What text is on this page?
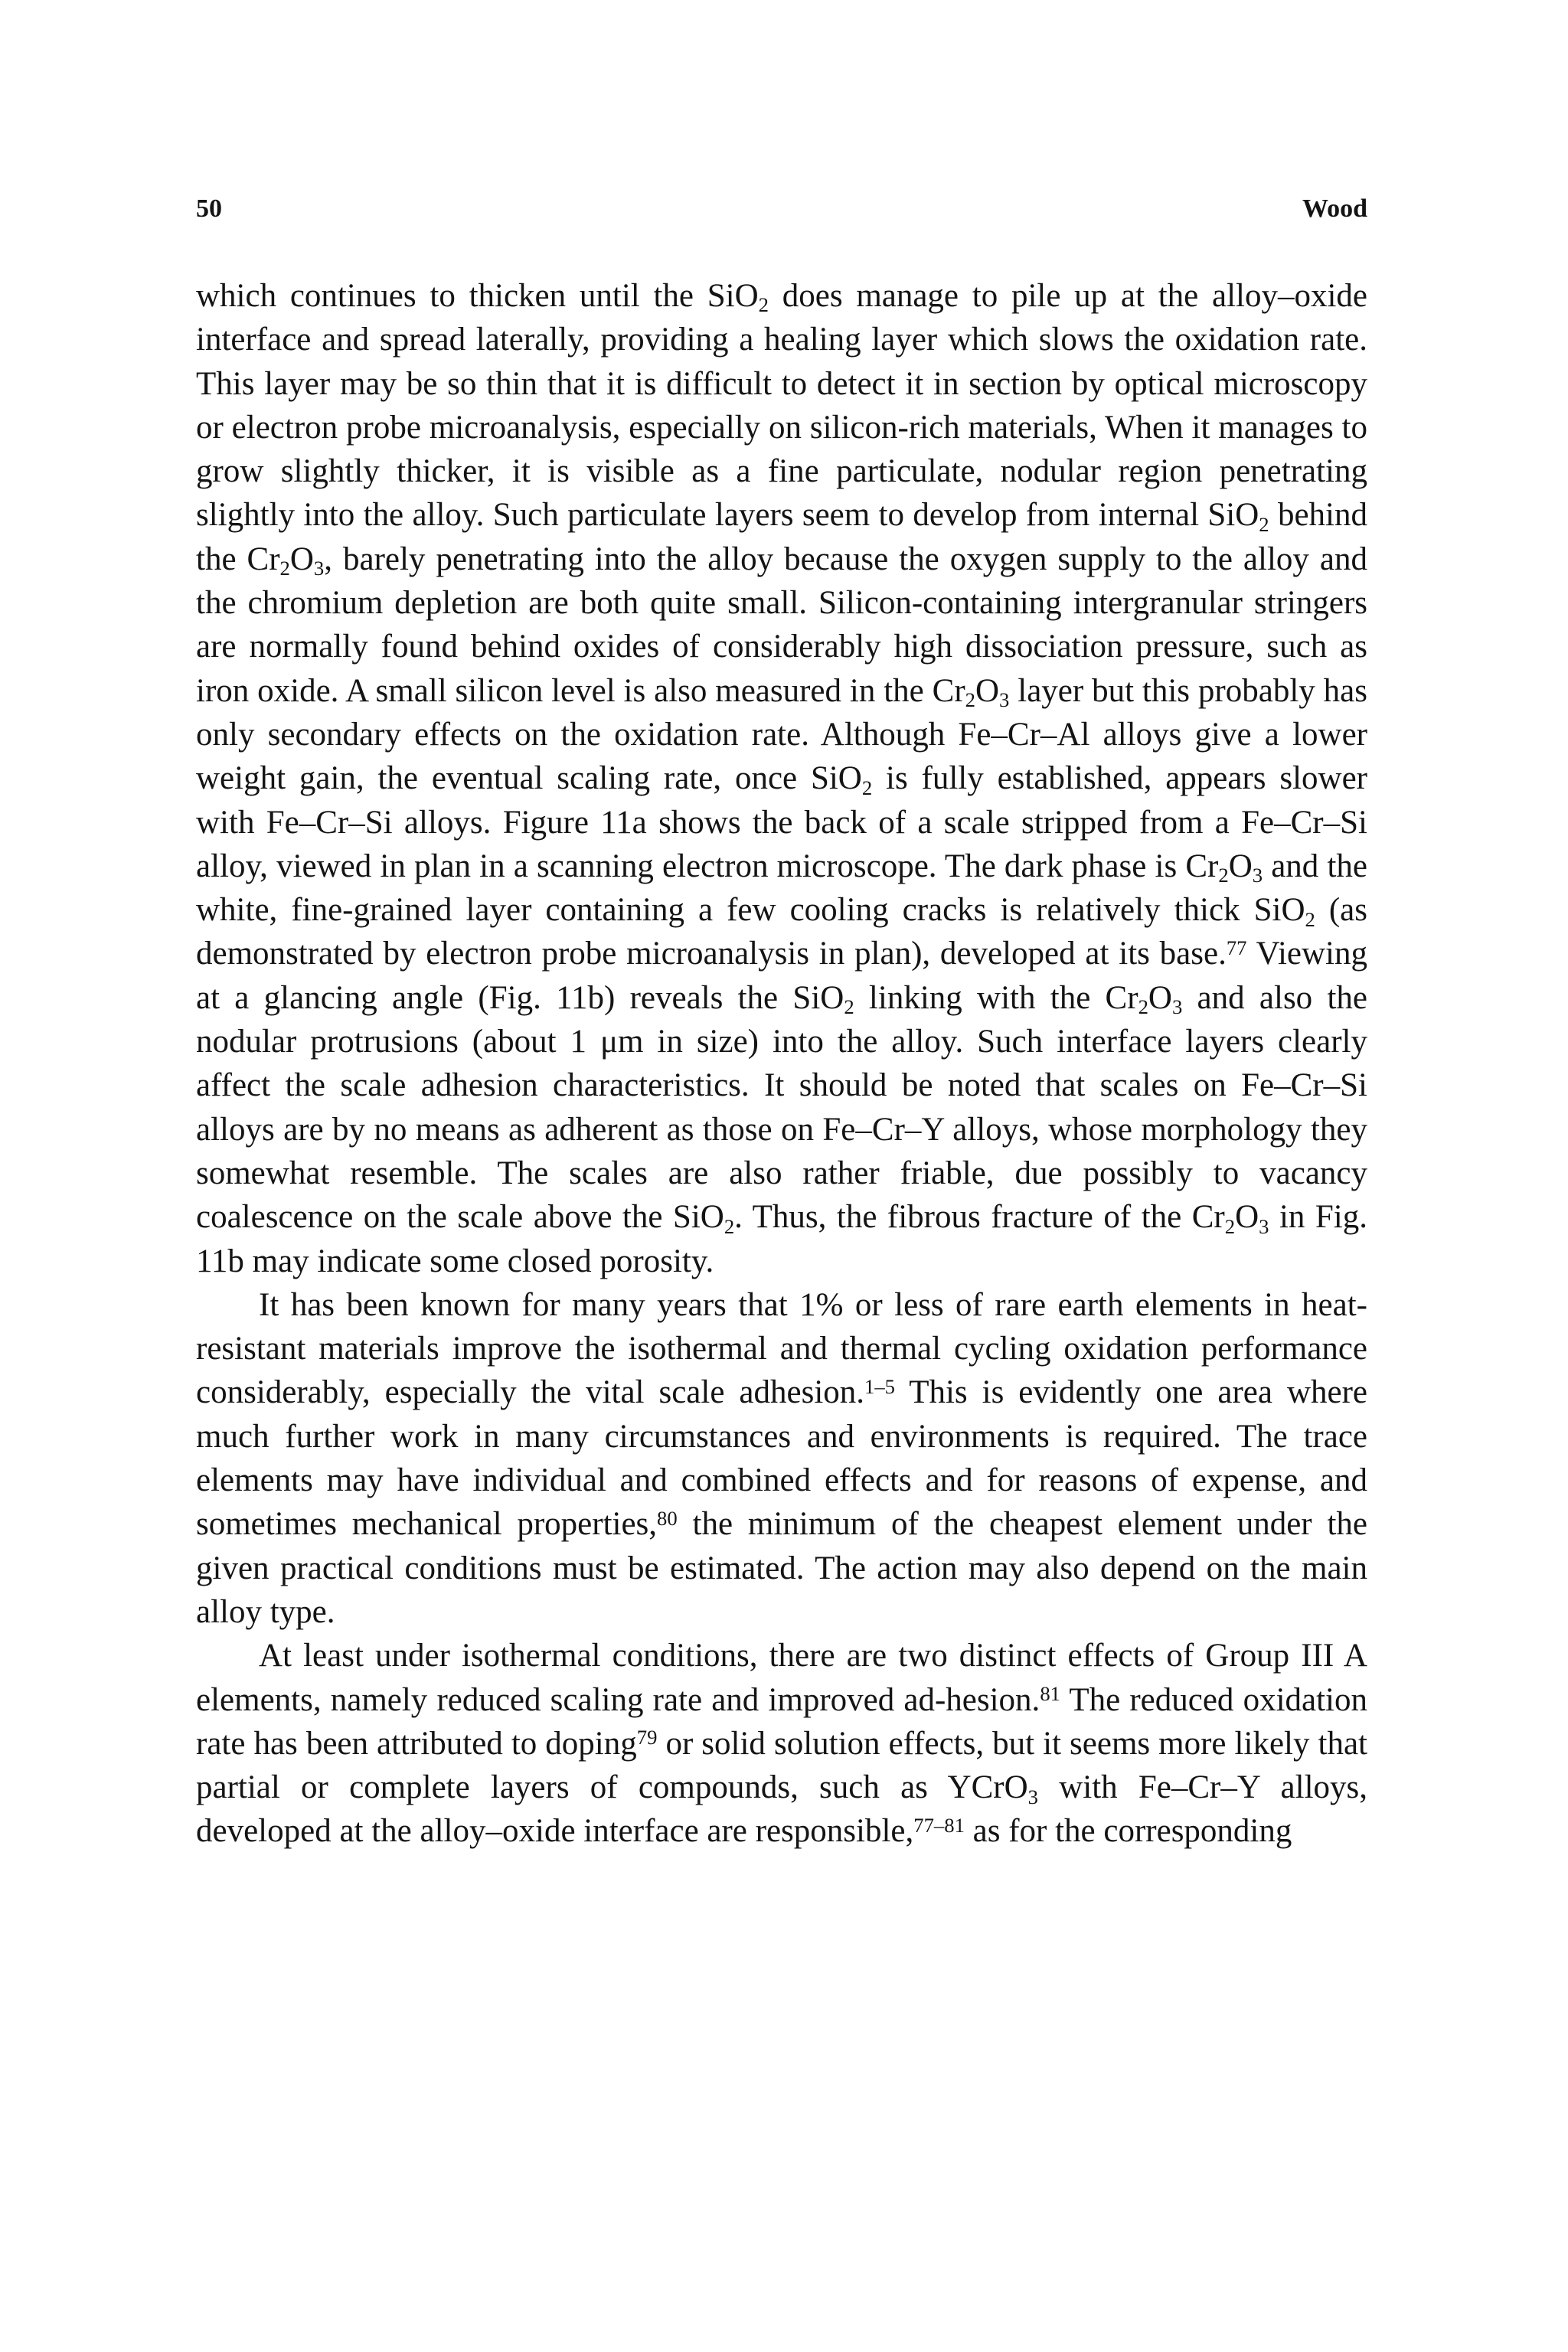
50	Wood

which continues to thicken until the SiO$_2$ does manage to pile up at the alloy–oxide interface and spread laterally, providing a healing layer which slows the oxidation rate. This layer may be so thin that it is difficult to detect it in section by optical microscopy or electron probe microanalysis, especially on silicon-rich materials, When it manages to grow slightly thicker, it is visible as a fine particulate, nodular region penetrating slightly into the alloy. Such particulate layers seem to develop from internal SiO$_2$ behind the $Cr_2O_3$, barely penetrating into the alloy because the oxygen supply to the alloy and the chromium depletion are both quite small. Silicon-containing intergranular stringers are normally found behind oxides of considerably high dissociation pressure, such as iron oxide. A small silicon level is also measured in the $Cr_2O_3$ layer but this probably has only secondary effects on the oxidation rate. Although Fe–Cr–Al alloys give a lower weight gain, the eventual scaling rate, once SiO$_2$ is fully established, appears slower with Fe–Cr–Si alloys. Figure 11a shows the back of a scale stripped from a Fe–Cr–Si alloy, viewed in plan in a scanning electron microscope. The dark phase is $Cr_2O_3$ and the white, fine-grained layer containing a few cooling cracks is relatively thick SiO$_2$ (as demonstrated by electron probe microanalysis in plan), developed at its base.$^{77}$ Viewing at a glancing angle (Fig. 11b) reveals the SiO$_2$ linking with the $Cr_2O_3$ and also the nodular protrusions (about 1 μm in size) into the alloy. Such interface layers clearly affect the scale adhesion characteristics. It should be noted that scales on Fe–Cr–Si alloys are by no means as adherent as those on Fe–Cr–Y alloys, whose morphology they somewhat resemble. The scales are also rather friable, due possibly to vacancy coalescence on the scale above the SiO$_2$. Thus, the fibrous fracture of the $Cr_2O_3$ in Fig. 11b may indicate some closed porosity.

It has been known for many years that 1% or less of rare earth elements in heat-resistant materials improve the isothermal and thermal cycling oxidation performance considerably, especially the vital scale adhesion.$^{1-5}$ This is evidently one area where much further work in many circumstances and environments is required. The trace elements may have individual and combined effects and for reasons of expense, and sometimes mechanical properties,$^{80}$ the minimum of the cheapest element under the given practical conditions must be estimated. The action may also depend on the main alloy type.

At least under isothermal conditions, there are two distinct effects of Group III A elements, namely reduced scaling rate and improved ad-hesion.$^{81}$ The reduced oxidation rate has been attributed to doping$^{79}$ or solid solution effects, but it seems more likely that partial or complete layers of compounds, such as YCrO$_3$ with Fe–Cr–Y alloys, developed at the alloy–oxide interface are responsible,$^{77-81}$ as for the corresponding
